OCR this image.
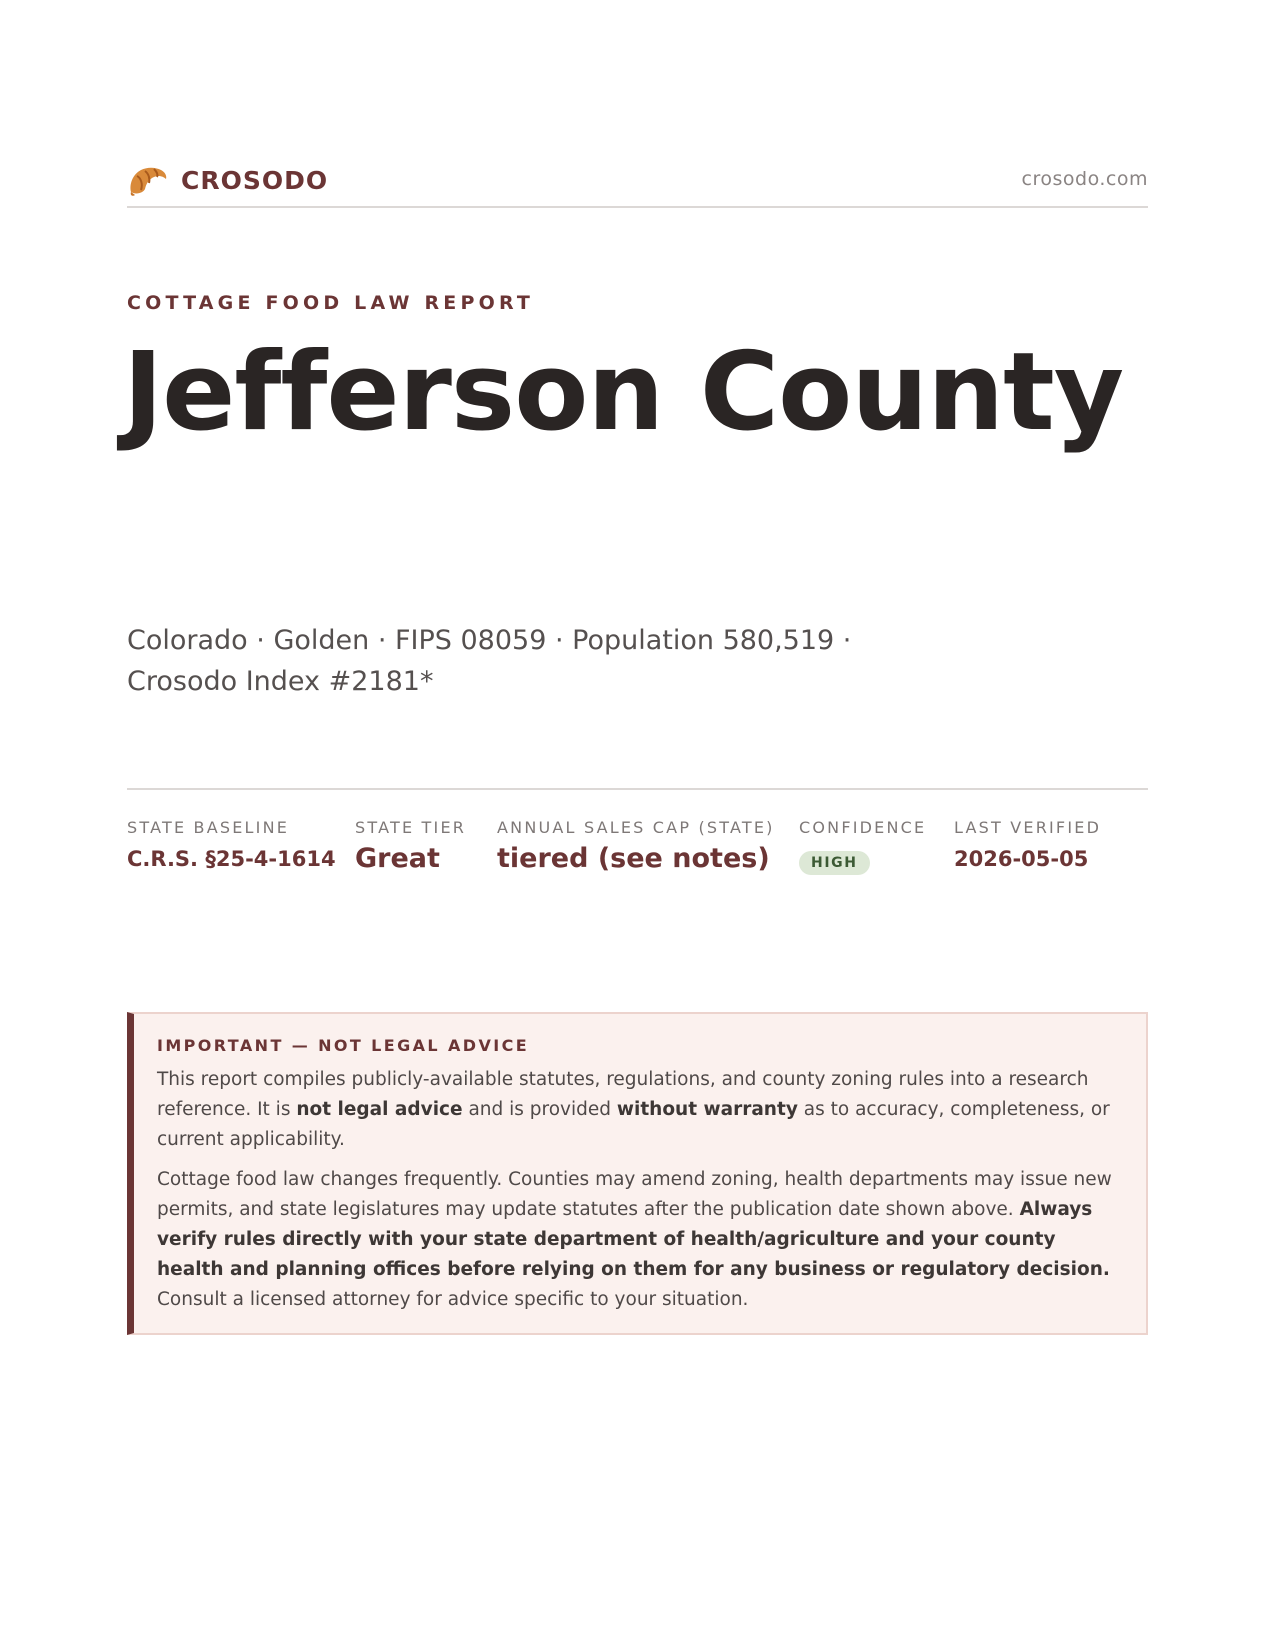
CROSODO	crosodo.com
COTTAGE FOOD LAW REPORT
Jefferson County
Colorado · Golden · FIPS 08059 · Population 580,519 ·
Crosodo Index #2181*
STATE BASELINE
C.R.S. §25-4-1614
STATE TIER
Great
ANNUAL SALES CAP (STATE)
tiered (see notes)
CONFIDENCE
HIGH
LAST VERIFIED
2026-05-05
IMPORTANT — NOT LEGAL ADVICE

This report compiles publicly-available statutes, regulations, and county zoning rules into a research reference. It is not legal advice and is provided without warranty as to accuracy, completeness, or current applicability.

Cottage food law changes frequently. Counties may amend zoning, health departments may issue new permits, and state legislatures may update statutes after the publication date shown above. Always verify rules directly with your state department of health/agriculture and your county health and planning offices before relying on them for any business or regulatory decision. Consult a licensed attorney for advice specific to your situation.
